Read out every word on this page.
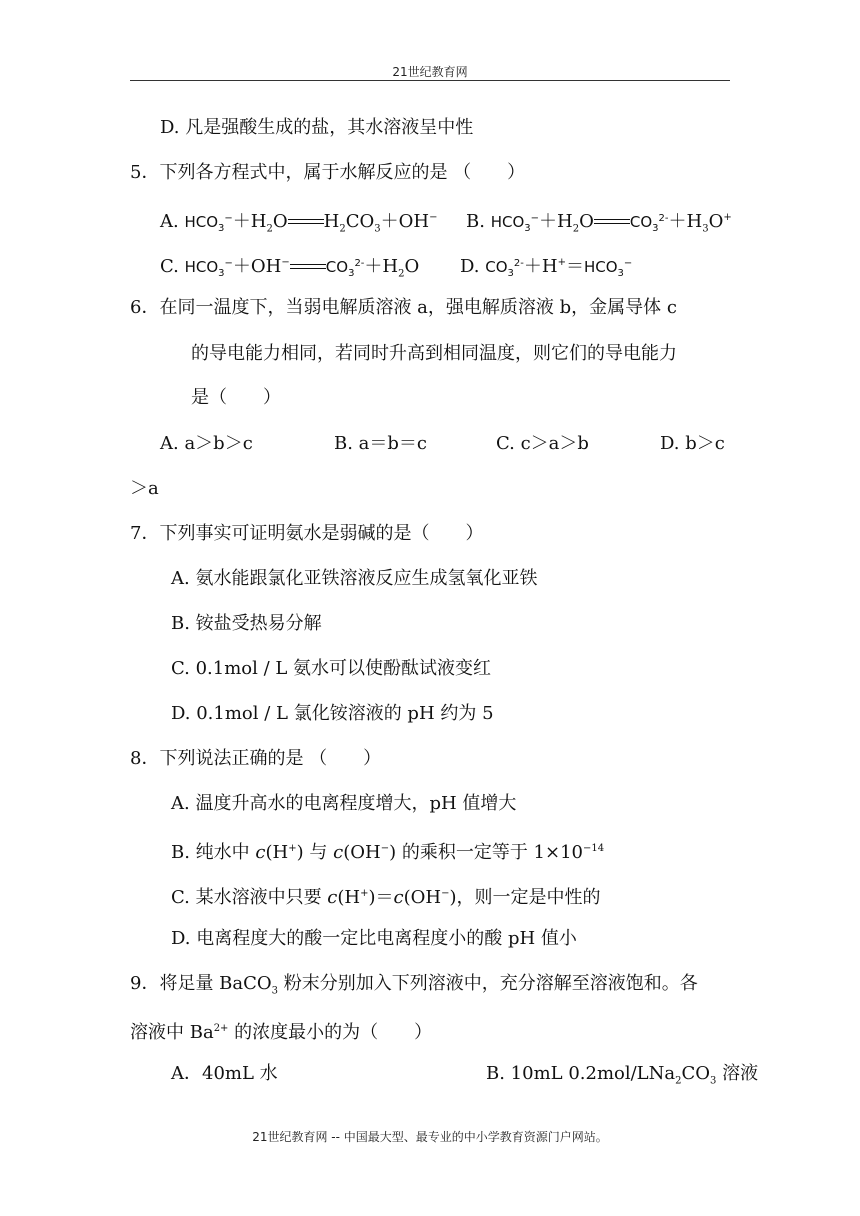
21世纪教育网
D. 凡是强酸生成的盐，其水溶液呈中性
5．下列各方程式中，属于水解反应的是 （　　）
A. $HCO_3^-+H_2O$ $H_2CO_3+OH^-$ B. $HCO_3^-+H_2O$ $CO_3^{2-}+H_3O^+$
C. $HCO_3^-+OH^-$ $CO_3^{2-}+H_2O$ D. $CO_3^{2-}+H^+=HCO_3^-$
6．在同一温度下，当弱电解质溶液 a，强电解质溶液 b，金属导体 c
的导电能力相同，若同时升高到相同温度，则它们的导电能力
是（　　）
A. a＞b＞c	B. a＝b＝c	C. c＞a＞b	D. b＞c
＞a
7．下列事实可证明氨水是弱碱的是（　　）
A. 氨水能跟氯化亚铁溶液反应生成氢氧化亚铁
B. 铵盐受热易分解
C. 0.1mol / L 氨水可以使酚酞试液变红
D. 0.1mol / L 氯化铵溶液的 pH 约为 5
8．下列说法正确的是 （　　）
A. 温度升高水的电离程度增大，pH 值增大
B. 纯水中 c(H+) 与 c(OH−) 的乘积一定等于 $1\times 10^{-14}$
C. 某水溶液中只要 c(H+)＝c(OH−)，则一定是中性的
D. 电离程度大的酸一定比电离程度小的酸 pH 值小
9．将足量 BaCO$_3$ 粉末分别加入下列溶液中，充分溶解至溶液饱和。各
溶液中 $Ba^{2+}$ 的浓度最小的为（　　）
A．40mL 水	B. 10mL $0.2mol/LNa_2CO_3$ 溶液
21世纪教育网 -- 中国最大型、最专业的中小学教育资源门户网站。
